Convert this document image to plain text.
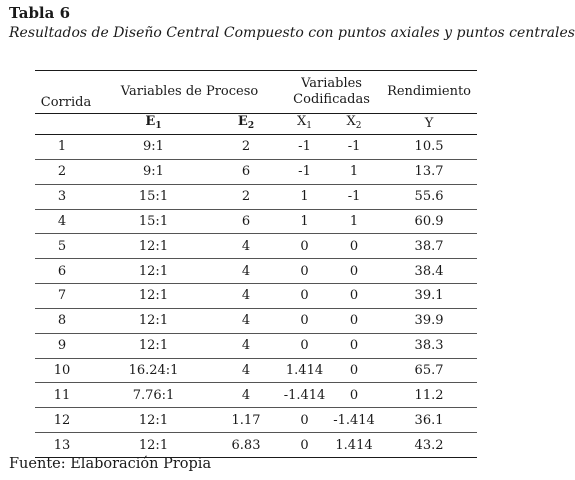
Tabla 6
Resultados de Diseño Central Compuesto con puntos axiales y puntos centrales
Corrida	Variables de Proceso		Variables
Codificadas		Rendimiento
	$E_1$	$E_2$	$X_1$	$X_2$	Y
1	9:1	2	-1	-1	10.5
2	9:1	6	-1	1	13.7
3	15:1	2	1	-1	55.6
4	15:1	6	1	1	60.9
5	12:1	4	0	0	38.7
6	12:1	4	0	0	38.4
7	12:1	4	0	0	39.1
8	12:1	4	0	0	39.9
9	12:1	4	0	0	38.3
10	16.24:1	4	1.414	0	65.7
11	7.76:1	4	-1.414	0	11.2
12	12:1	1.17	0	-1.414	36.1
13	12:1	6.83	0	1.414	43.2
Fuente: Elaboración Propia
